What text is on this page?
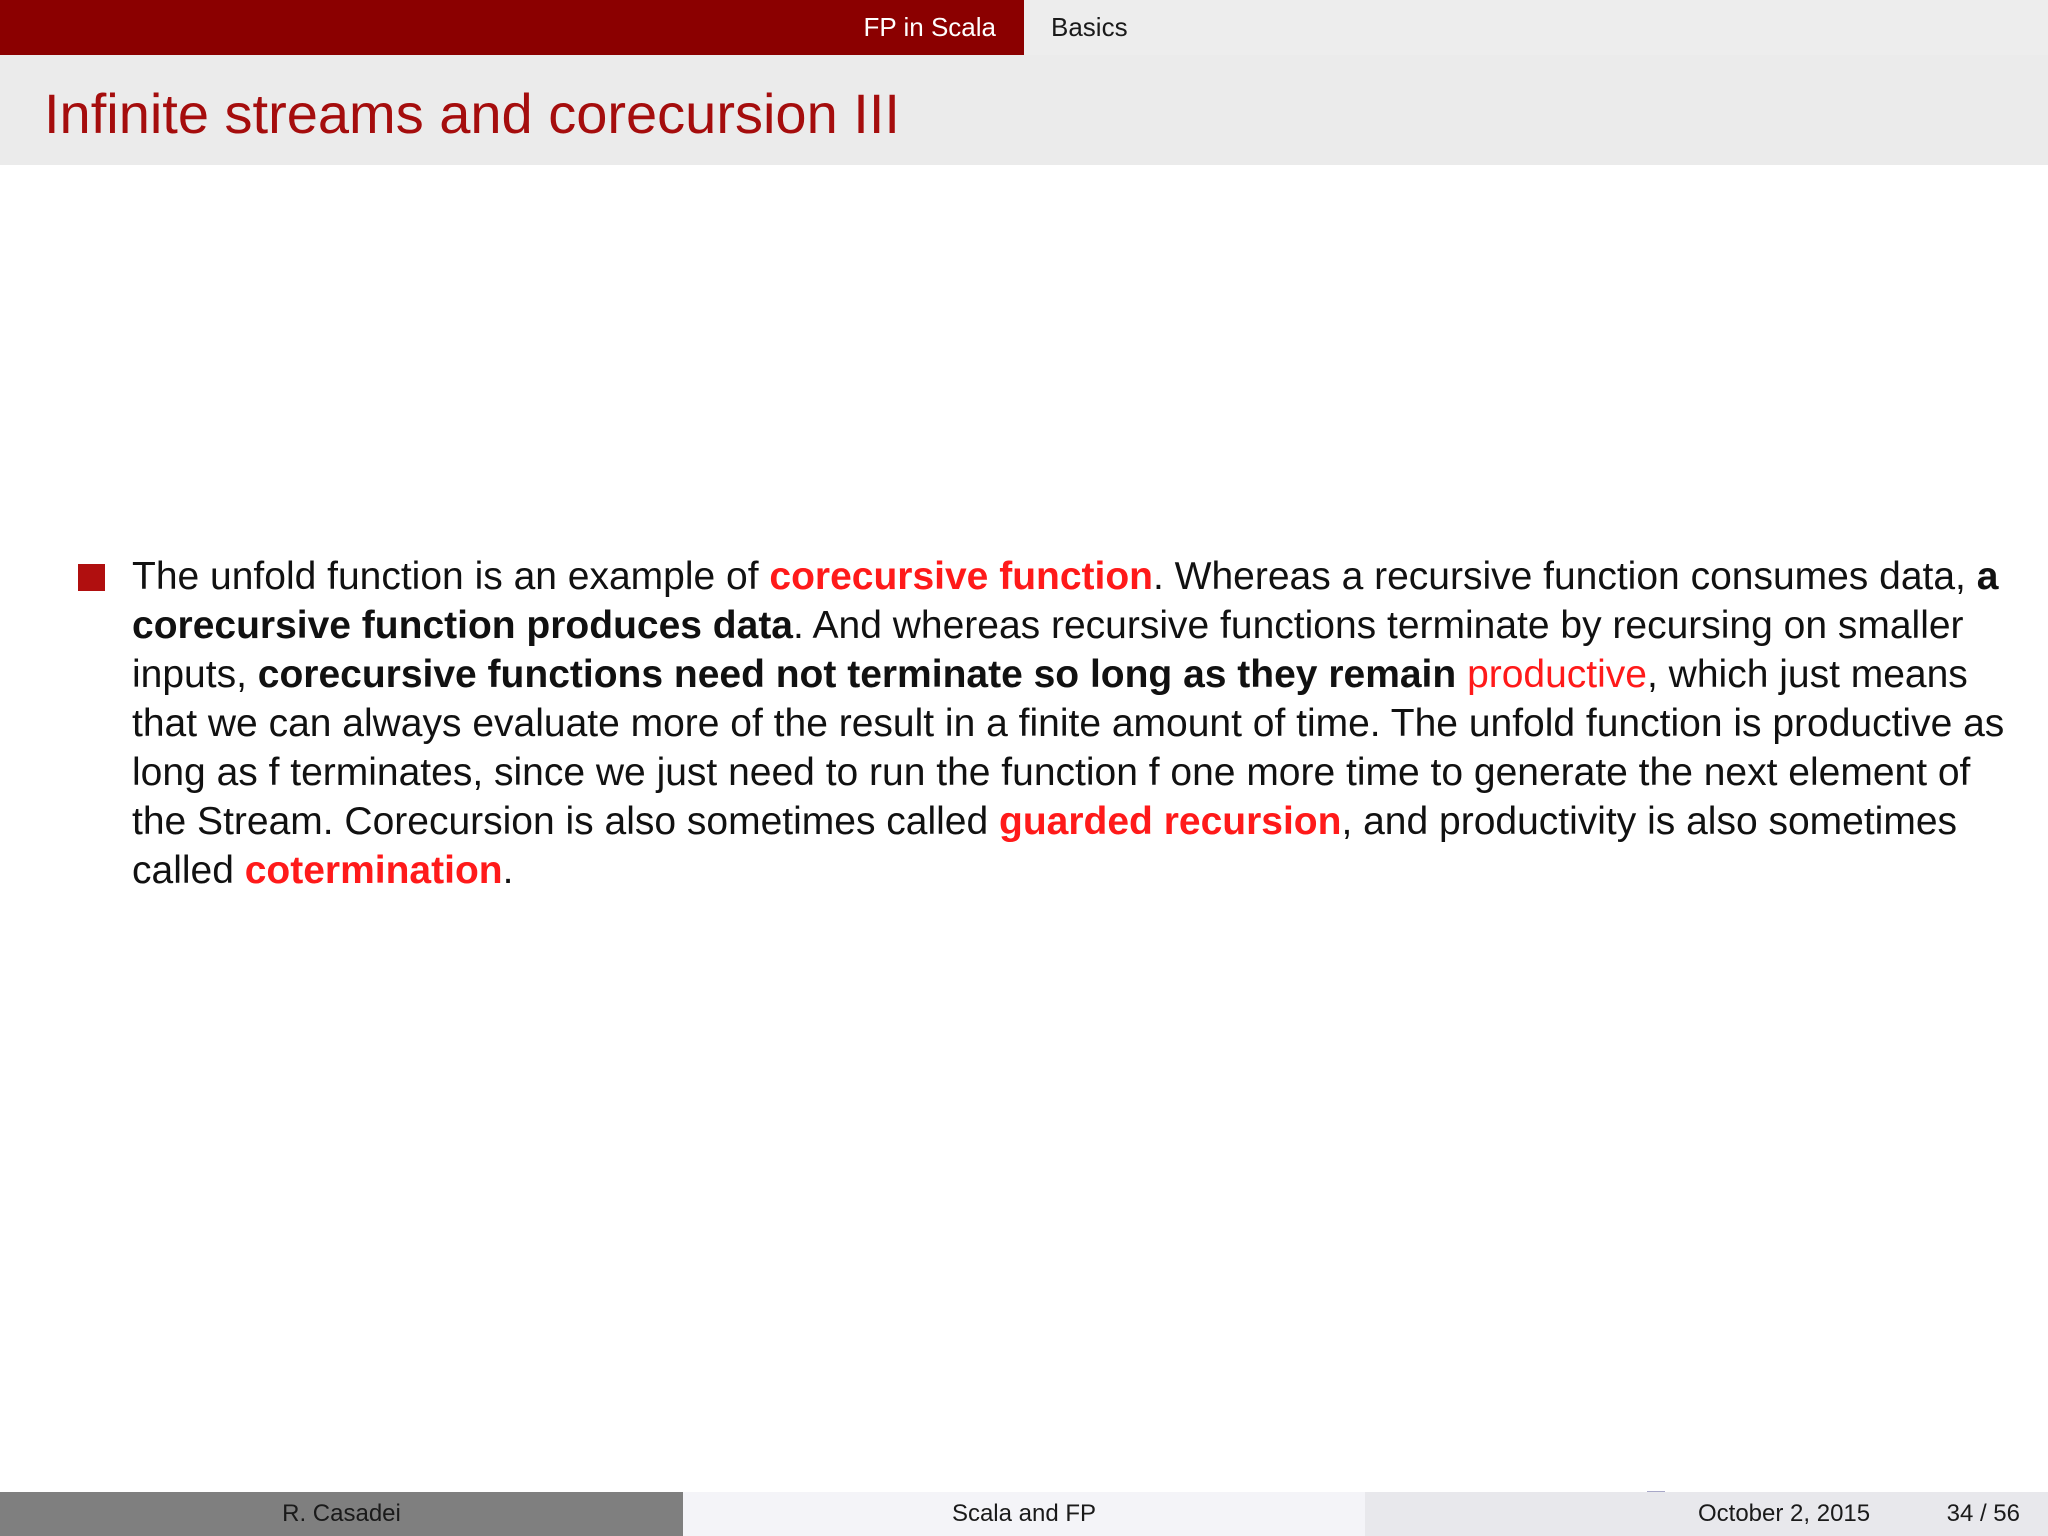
FP in Scala Basics
Infinite streams and corecursion III
The unfold function is an example of corecursive function. Whereas a recursive function consumes data, a corecursive function produces data. And whereas recursive functions terminate by recursing on smaller inputs, corecursive functions need not terminate so long as they remain productive, which just means that we can always evaluate more of the result in a finite amount of time. The unfold function is productive as long as f terminates, since we just need to run the function f one more time to generate the next element of the Stream. Corecursion is also sometimes called guarded recursion, and productivity is also sometimes called cotermination.
R. Casadei	Scala and FP	October 2, 2015	34 / 56
